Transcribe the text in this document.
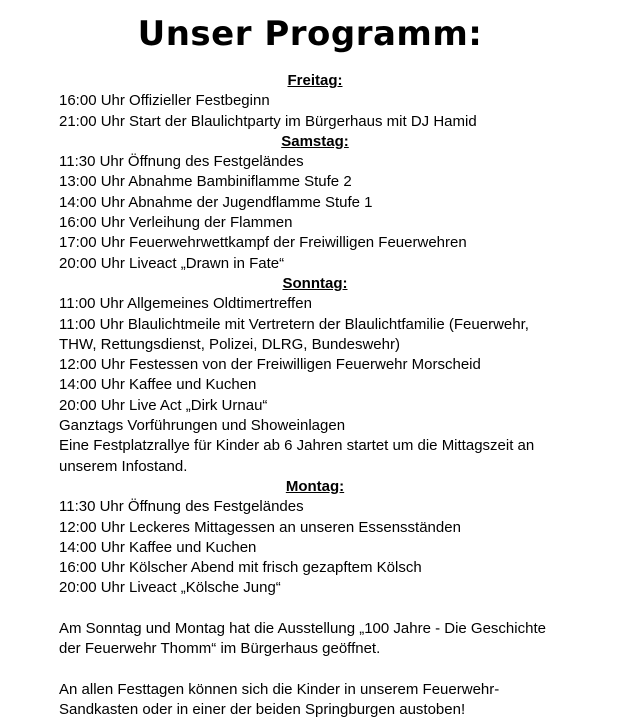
Unser Programm:
Freitag:
16:00 Uhr Offizieller Festbeginn
21:00 Uhr Start der Blaulichtparty im Bürgerhaus mit DJ Hamid
Samstag:
11:30 Uhr Öffnung des Festgeländes
13:00 Uhr Abnahme Bambiniflamme Stufe 2
14:00 Uhr Abnahme der Jugendflamme Stufe 1
16:00 Uhr Verleihung der Flammen
17:00 Uhr Feuerwehrwettkampf der Freiwilligen Feuerwehren
20:00 Uhr Liveact „Drawn in Fate“
Sonntag:
11:00 Uhr Allgemeines Oldtimertreffen
11:00 Uhr Blaulichtmeile mit Vertretern der Blaulichtfamilie (Feuerwehr,
THW, Rettungsdienst, Polizei, DLRG, Bundeswehr)
12:00 Uhr Festessen von der Freiwilligen Feuerwehr Morscheid
14:00 Uhr Kaffee und Kuchen
20:00 Uhr Live Act „Dirk Urnau“
Ganztags Vorführungen und Showeinlagen
Eine Festplatzrallye für Kinder ab 6 Jahren startet um die Mittagszeit an
unserem Infostand.
Montag:
11:30 Uhr Öffnung des Festgeländes
12:00 Uhr Leckeres Mittagessen an unseren Essensständen
14:00 Uhr Kaffee und Kuchen
16:00 Uhr Kölscher Abend mit frisch gezapftem Kölsch
20:00 Uhr Liveact „Kölsche Jung“
Am Sonntag und Montag hat die Ausstellung „100 Jahre - Die Geschichte
der Feuerwehr Thomm“ im Bürgerhaus geöffnet.
An allen Festtagen können sich die Kinder in unserem Feuerwehr-
Sandkasten oder in einer der beiden Springburgen austoben!
